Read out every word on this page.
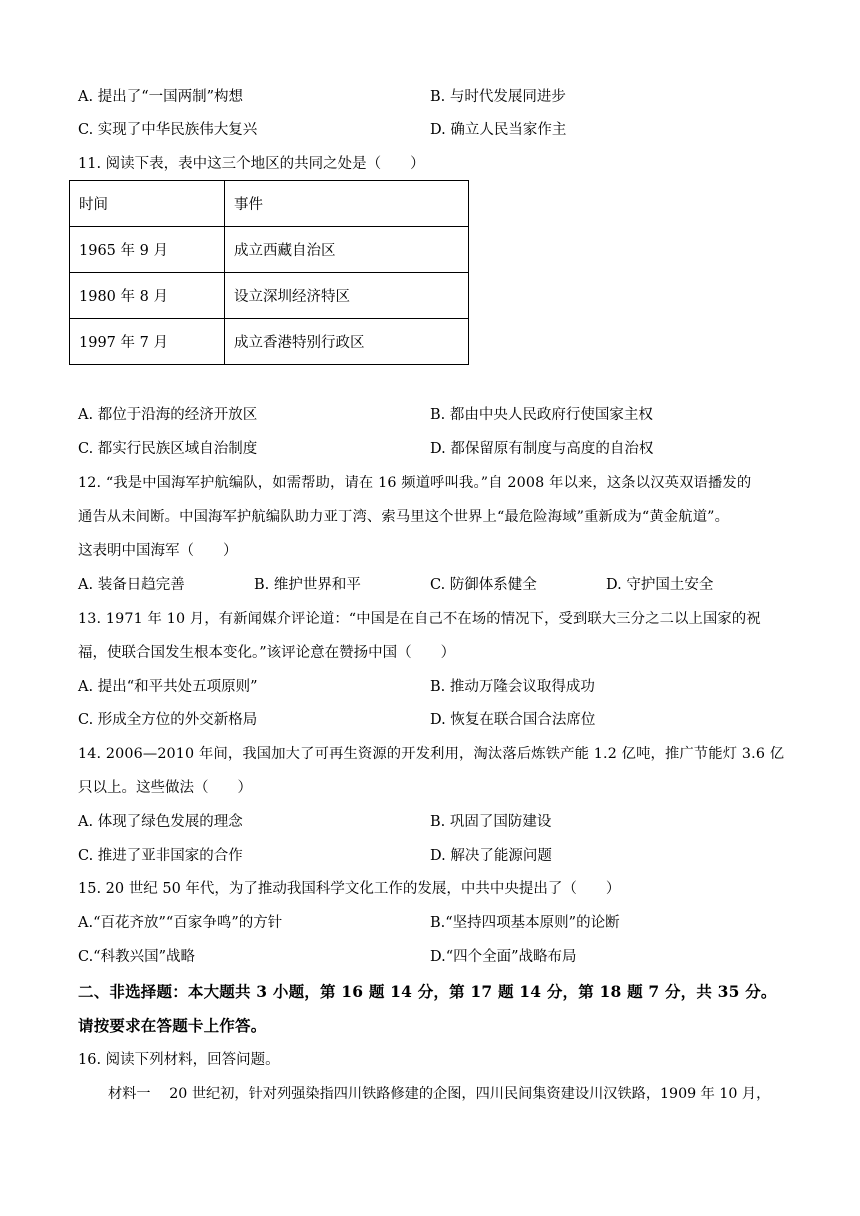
A. 提出了“一国两制”构想	B. 与时代发展同进步
C. 实现了中华民族伟大复兴	D. 确立人民当家作主
11. 阅读下表，表中这三个地区的共同之处是（　　）
时间	事件
1965 年 9 月	成立西藏自治区
1980 年 8 月	设立深圳经济特区
1997 年 7 月	成立香港特别行政区
A. 都位于沿海的经济开放区	B. 都由中央人民政府行使国家主权
C. 都实行民族区域自治制度	D. 都保留原有制度与高度的自治权
12. “我是中国海军护航编队，如需帮助，请在 16 频道呼叫我。”自 2008 年以来，这条以汉英双语播发的
通告从未间断。中国海军护航编队助力亚丁湾、索马里这个世界上“最危险海域”重新成为“黄金航道”。
这表明中国海军（　　）
A. 装备日趋完善	B. 维护世界和平	C. 防御体系健全	D. 守护国土安全
13. 1971 年 10 月，有新闻媒介评论道：“中国是在自己不在场的情况下，受到联大三分之二以上国家的祝
福，使联合国发生根本变化。”该评论意在赞扬中国（　　）
A. 提出“和平共处五项原则”	B. 推动万隆会议取得成功
C. 形成全方位的外交新格局	D. 恢复在联合国合法席位
14. 2006—2010 年间，我国加大了可再生资源的开发利用，淘汰落后炼铁产能 1.2 亿吨，推广节能灯 3.6 亿
只以上。这些做法（　　）
A. 体现了绿色发展的理念	B. 巩固了国防建设
C. 推进了亚非国家的合作	D. 解决了能源问题
15. 20 世纪 50 年代，为了推动我国科学文化工作的发展，中共中央提出了（　　）
A.“百花齐放”“百家争鸣”的方针	B.“坚持四项基本原则”的论断
C.“科教兴国”战略	D.“四个全面”战略布局
二、非选择题：本大题共 3 小题，第 16 题 14 分，第 17 题 14 分，第 18 题 7 分，共 35 分。
请按要求在答题卡上作答。
16. 阅读下列材料，回答问题。
材料一　 20 世纪初，针对列强染指四川铁路修建的企图，四川民间集资建设川汉铁路，1909 年 10 月，
